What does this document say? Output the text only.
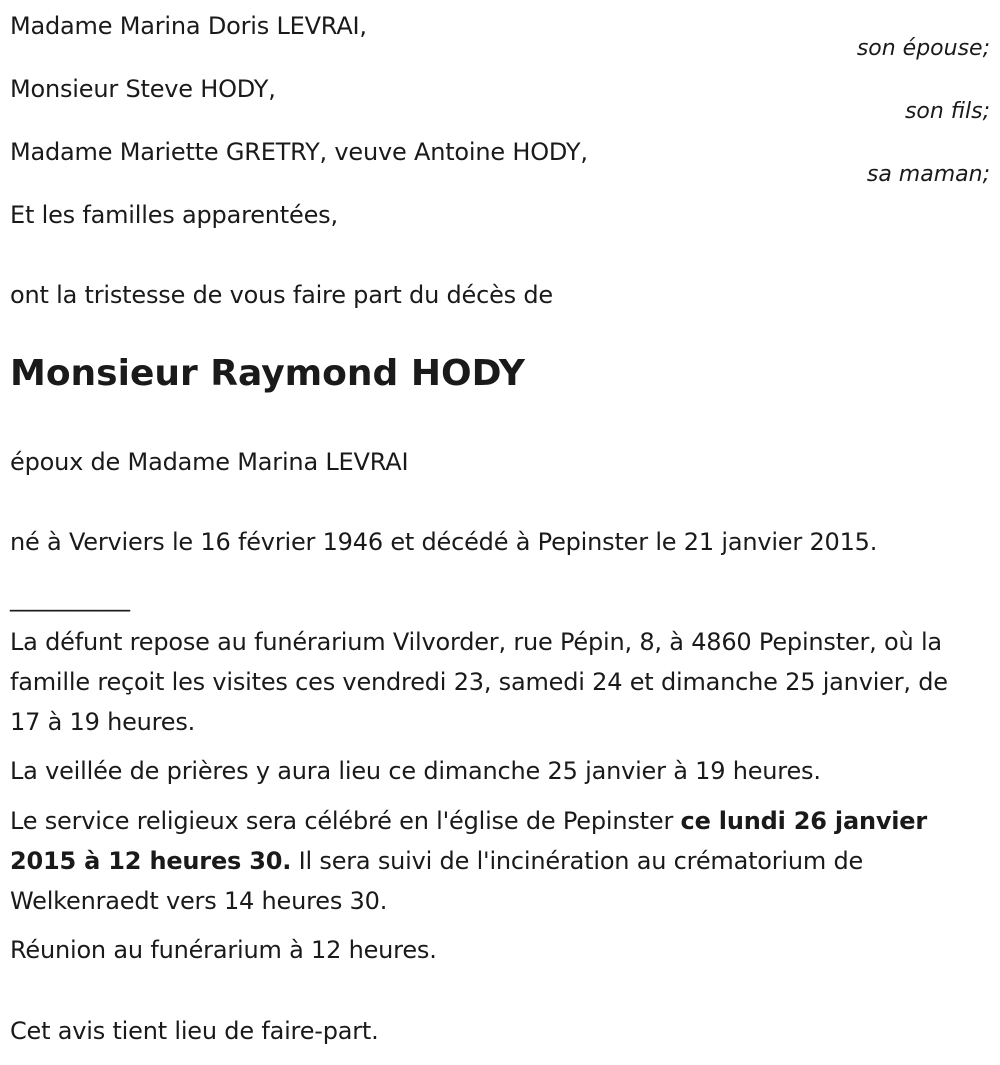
Madame Marina Doris LEVRAI,
son épouse;
Monsieur Steve HODY,
son fils;
Madame Mariette GRETRY, veuve Antoine HODY,
sa maman;
Et les familles apparentées,
ont la tristesse de vous faire part du décès de
Monsieur Raymond HODY
époux de Madame Marina LEVRAI
né à Verviers le 16 février 1946 et décédé à Pepinster le 21 janvier 2015.
__________
La défunt repose au funérarium Vilvorder, rue Pépin, 8, à 4860 Pepinster, où la famille reçoit les visites ces vendredi 23, samedi 24 et dimanche 25 janvier, de 17 à 19 heures.
La veillée de prières y aura lieu ce dimanche 25 janvier à 19 heures.
Le service religieux sera célébré en l'église de Pepinster ce lundi 26 janvier 2015 à 12 heures 30. Il sera suivi de l'incinération au crématorium de Welkenraedt vers 14 heures 30.
Réunion au funérarium à 12 heures.
Cet avis tient lieu de faire-part.
